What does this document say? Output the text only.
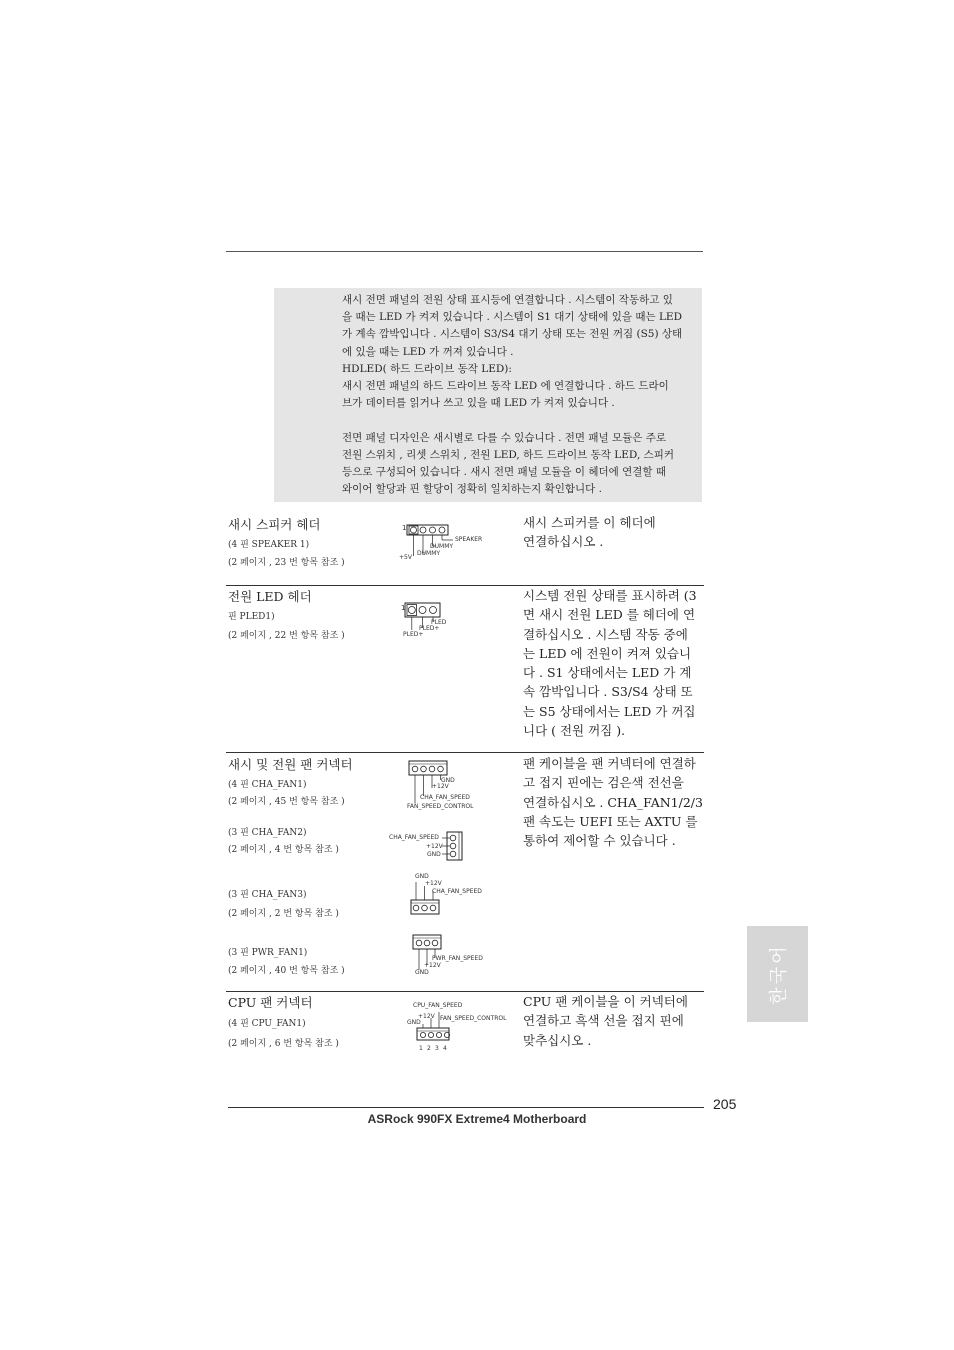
새시 전면 패널의 전원 상태 표시등에 연결합니다 . 시스템이 작동하고 있
을 때는 LED 가 켜져 있습니다 . 시스템이 S1 대기 상태에 있을 때는 LED
가 계속 깜박입니다 . 시스템이 S3/S4 대기 상태 또는 전원 꺼짐 (S5) 상태
에 있을 때는 LED 가 꺼져 있습니다 .
HDLED( 하드 드라이브 동작 LED):
새시 전면 패널의 하드 드라이브 동작 LED 에 연결합니다 . 하드 드라이
브가 데이터를 읽거나 쓰고 있을 때 LED 가 켜져 있습니다 .

전면 패널 디자인은 새시별로 다를 수 있습니다 . 전면 패널 모듈은 주로
전원 스위치 , 리셋 스위치 , 전원 LED, 하드 드라이브 동작 LED, 스피커
등으로 구성되어 있습니다 . 새시 전면 패널 모듈을 이 헤더에 연결할 때
와이어 할당과 핀 할당이 정확히 일치하는지 확인합니다 .
새시 스피커 헤더
(4 핀 SPEAKER 1)
(2 페이지 , 23 번 항목 참조 )
새시 스피커를 이 헤더에
연결하십시오 .
1
SPEAKER
DUMMY
DUMMY
+5V
전원 LED 헤더
핀 PLED1)
(2 페이지 , 22 번 항목 참조 )
시스템 전원 상태를 표시하려 (3
면 새시 전원 LED 를 헤더에 연
결하십시오 . 시스템 작동 중에
는 LED 에 전원이 켜져 있습니
다 . S1 상태에서는 LED 가 계
속 깜박입니다 . S3/S4 상태 또
는 S5 상태에서는 LED 가 꺼집
니다 ( 전원 꺼짐 ).
1
PLED
PLED+
PLED+
새시 및 전원 팬 커넥터	팬 케이블을 팬 커넥터에 연결하
고 접지 핀에는 검은색 전선을
연결하십시오 . CHA_FAN1/2/3
팬 속도는 UEFI 또는 AXTU 를
통하여 제어할 수 있습니다 .
(4 핀 CHA_FAN1)
(2 페이지 , 45 번 항목 참조 )
GND
+12V
CHA_FAN_SPEED
FAN_SPEED_CONTROL
(3 핀 CHA_FAN2)
(2 페이지 , 4 번 항목 참조 )
CHA_FAN_SPEED
+12V
GND
GND
+12V
CHA_FAN_SPEED
(3 핀 CHA_FAN3)
(2 페이지 , 2 번 항목 참조 )
(3 핀 PWR_FAN1)
(2 페이지 , 40 번 항목 참조 )
PWR_FAN_SPEED
+12V
GND
CPU 팬 커넥터
(4 핀 CPU_FAN1)
(2 페이지 , 6 번 항목 참조 )
CPU 팬 케이블을 이 커넥터에
연결하고 흑색 선을 접지 핀에
맞추십시오 .
CPU_FAN_SPEED
+12V
GND
FAN_SPEED_CONTROL
1 2 3 4
한국어
205
ASRock 990FX Extreme4 Motherboard
